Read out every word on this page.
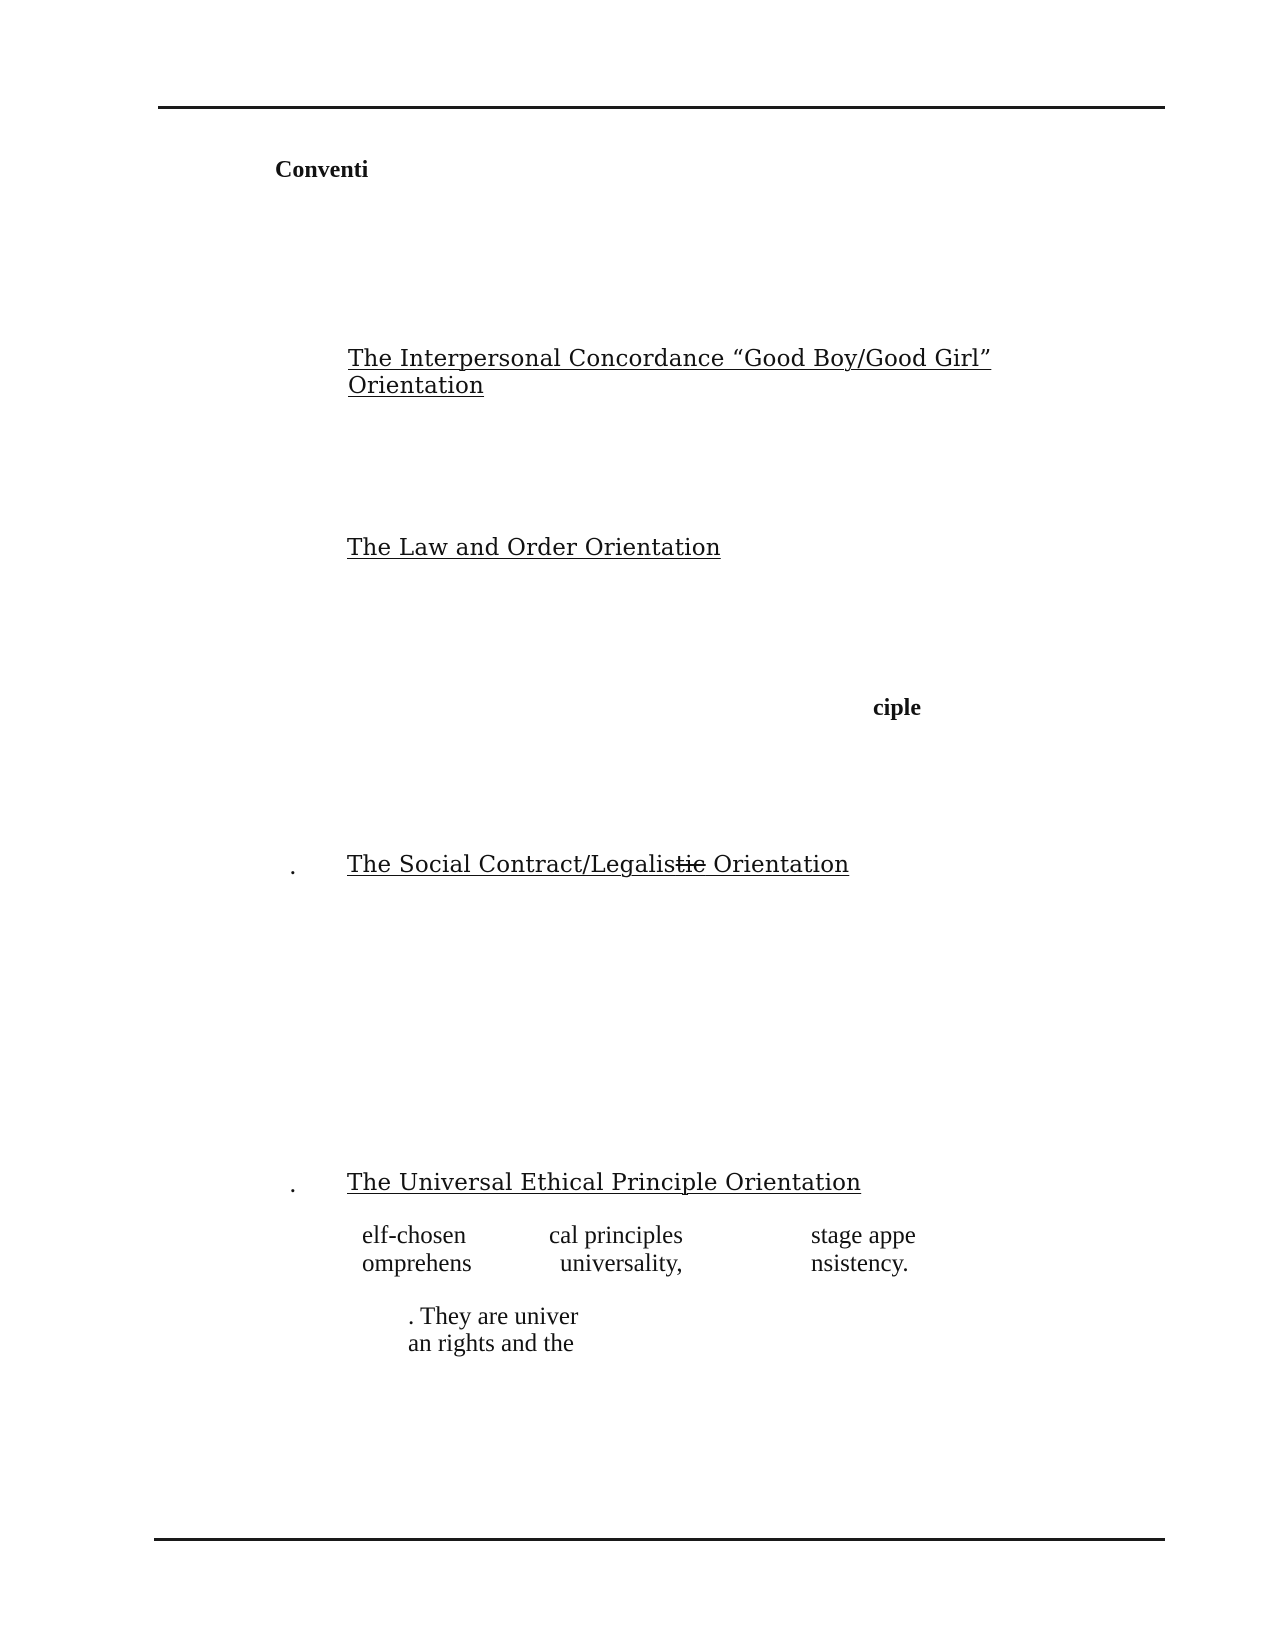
Conventi
The Interpersonal Concordance “Good Boy/Good Girl”
Orientation
The Law and Order Orientation
ciple
. The Social Contract/Legalistic Orientation
. The Universal Ethical Principle Orientation
elf-chosen
omprehens
cal principles
universality,
stage appe
nsistency.
. They are univer
an rights and the
